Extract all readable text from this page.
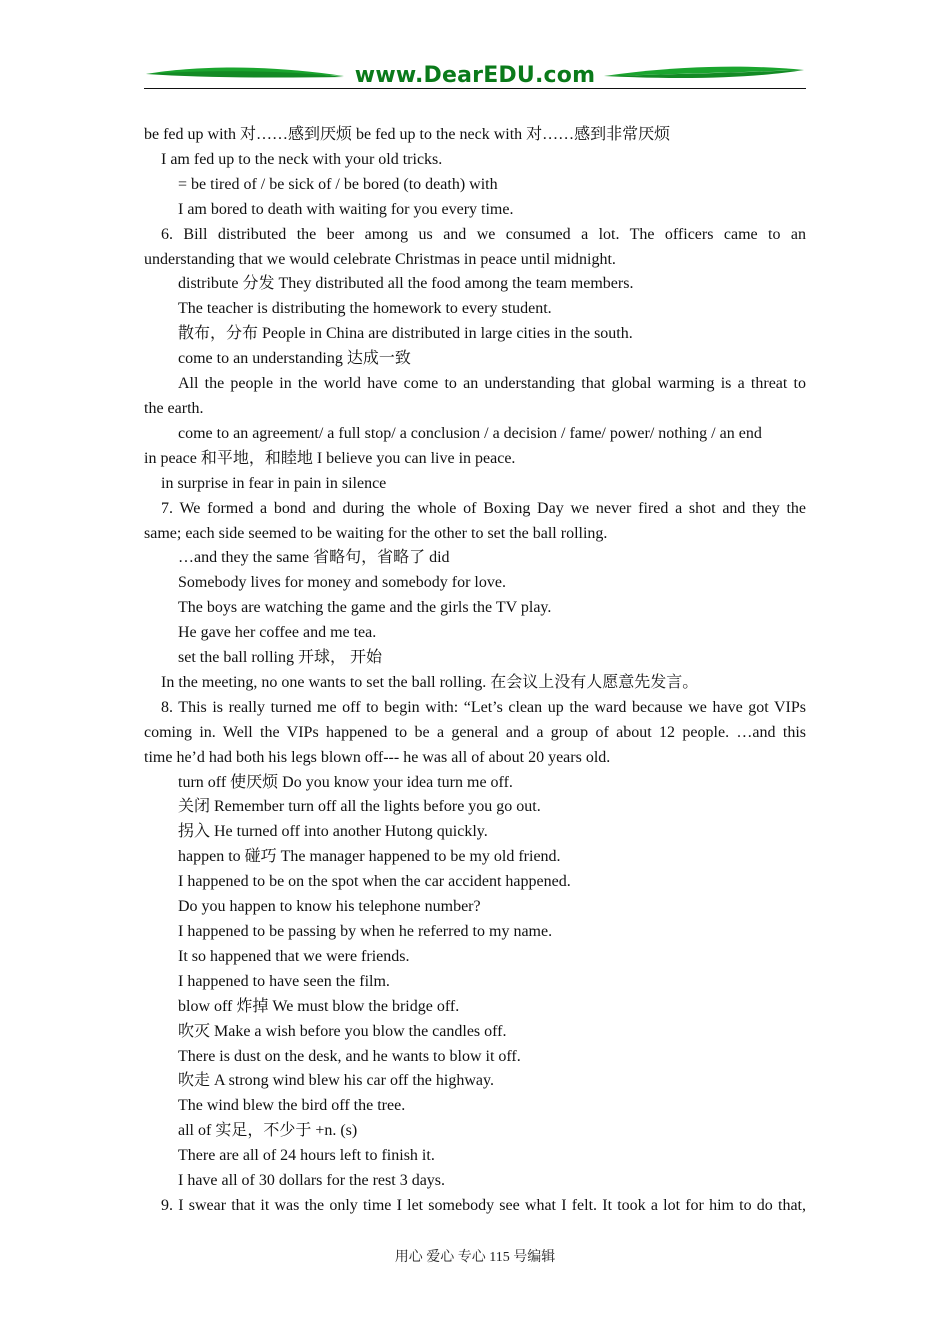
www.DearEDU.com
be fed up with 对……感到厌烦 be fed up to the neck with 对……感到非常厌烦
I am fed up to the neck with your old tricks.
= be tired of / be sick of / be bored (to death) with
I am bored to death with waiting for you every time.
6. Bill distributed the beer among us and we consumed a lot. The officers came to an
understanding that we would celebrate Christmas in peace until midnight.
distribute 分发 They distributed all the food among the team members.
The teacher is distributing the homework to every student.
散布，分布 People in China are distributed in large cities in the south.
come to an understanding 达成一致
All the people in the world have come to an understanding that global warming is a threat to
the earth.
come to an agreement/ a full stop/ a conclusion / a decision / fame/ power/ nothing / an end
in peace 和平地，和睦地 I believe you can live in peace.
in surprise in fear in pain in silence
7. We formed a bond and during the whole of Boxing Day we never fired a shot and they the
same; each side seemed to be waiting for the other to set the ball rolling.
…and they the same 省略句，省略了 did
Somebody lives for money and somebody for love.
The boys are watching the game and the girls the TV play.
He gave her coffee and me tea.
set the ball rolling 开球， 开始
In the meeting, no one wants to set the ball rolling. 在会议上没有人愿意先发言。
8. This is really turned me off to begin with: “Let’s clean up the ward because we have got VIPs
coming in. Well the VIPs happened to be a general and a group of about 12 people. …and this
time he’d had both his legs blown off--- he was all of about 20 years old.
turn off 使厌烦 Do you know your idea turn me off.
关闭 Remember turn off all the lights before you go out.
拐入 He turned off into another Hutong quickly.
happen to 碰巧 The manager happened to be my old friend.
I happened to be on the spot when the car accident happened.
Do you happen to know his telephone number?
I happened to be passing by when he referred to my name.
It so happened that we were friends.
I happened to have seen the film.
blow off 炸掉 We must blow the bridge off.
吹灭 Make a wish before you blow the candles off.
There is dust on the desk, and he wants to blow it off.
吹走 A strong wind blew his car off the highway.
The wind blew the bird off the tree.
all of 实足，不少于 +n. (s)
There are all of 24 hours left to finish it.
I have all of 30 dollars for the rest 3 days.
9. I swear that it was the only time I let somebody see what I felt. It took a lot for him to do that,
用心 爱心 专心 115 号编辑
